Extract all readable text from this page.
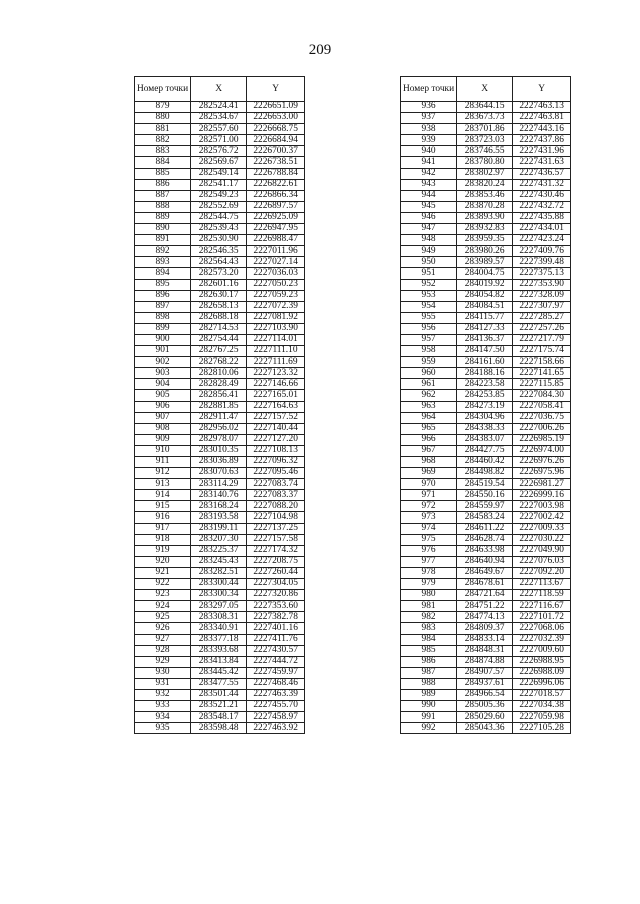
209
Номер точки	X	Y
879	282524.41	2226651.09
880	282534.67	2226653.00
881	282557.60	2226668.75
882	282571.00	2226684.94
883	282576.72	2226700.37
884	282569.67	2226738.51
885	282549.14	2226788.84
886	282541.17	2226822.61
887	282549.23	2226866.34
888	282552.69	2226897.57
889	282544.75	2226925.09
890	282539.43	2226947.95
891	282530.90	2226988.47
892	282546.35	2227011.96
893	282564.43	2227027.14
894	282573.20	2227036.03
895	282601.16	2227050.23
896	282630.17	2227059.23
897	282658.13	2227072.39
898	282688.18	2227081.92
899	282714.53	2227103.90
900	282754.44	2227114.01
901	282767.25	2227111.10
902	282768.22	2227111.69
903	282810.06	2227123.32
904	282828.49	2227146.66
905	282856.41	2227165.01
906	282881.85	2227164.63
907	282911.47	2227157.52
908	282956.02	2227140.44
909	282978.07	2227127.20
910	283010.35	2227108.13
911	283036.89	2227096.32
912	283070.63	2227095.46
913	283114.29	2227083.74
914	283140.76	2227083.37
915	283168.24	2227088.20
916	283193.58	2227104.98
917	283199.11	2227137.25
918	283207.30	2227157.58
919	283225.37	2227174.32
920	283245.43	2227208.75
921	283282.51	2227260.44
922	283300.44	2227304.05
923	283300.34	2227320.86
924	283297.05	2227353.60
925	283308.31	2227382.78
926	283340.91	2227401.16
927	283377.18	2227411.76
928	283393.68	2227430.57
929	283413.84	2227444.72
930	283445.42	2227459.97
931	283477.55	2227468.46
932	283501.44	2227463.39
933	283521.21	2227455.70
934	283548.17	2227458.97
935	283598.48	2227463.92
Номер точки	X	Y
936	283644.15	2227463.13
937	283673.73	2227463.81
938	283701.86	2227443.16
939	283723.03	2227437.86
940	283746.55	2227431.96
941	283780.80	2227431.63
942	283802.97	2227436.57
943	283820.24	2227431.32
944	283853.46	2227430.46
945	283870.28	2227432.72
946	283893.90	2227435.88
947	283932.83	2227434.01
948	283959.35	2227423.24
949	283980.26	2227409.76
950	283989.57	2227399.48
951	284004.75	2227375.13
952	284019.92	2227353.90
953	284054.82	2227328.09
954	284084.51	2227307.97
955	284115.77	2227285.27
956	284127.33	2227257.26
957	284136.37	2227217.79
958	284147.50	2227175.74
959	284161.60	2227158.66
960	284188.16	2227141.65
961	284223.58	2227115.85
962	284253.85	2227084.30
963	284273.19	2227058.41
964	284304.96	2227036.75
965	284338.33	2227006.26
966	284383.07	2226985.19
967	284427.75	2226974.00
968	284460.42	2226976.26
969	284498.82	2226975.96
970	284519.54	2226981.27
971	284550.16	2226999.16
972	284559.97	2227003.98
973	284583.24	2227002.42
974	284611.22	2227009.33
975	284628.74	2227030.22
976	284633.98	2227049.90
977	284640.94	2227076.03
978	284649.67	2227092.20
979	284678.61	2227113.67
980	284721.64	2227118.59
981	284751.22	2227116.67
982	284774.13	2227101.72
983	284809.37	2227068.06
984	284833.14	2227032.39
985	284848.31	2227009.60
986	284874.88	2226988.95
987	284907.57	2226988.09
988	284937.61	2226996.06
989	284966.54	2227018.57
990	285005.36	2227034.38
991	285029.60	2227059.98
992	285043.36	2227105.28
